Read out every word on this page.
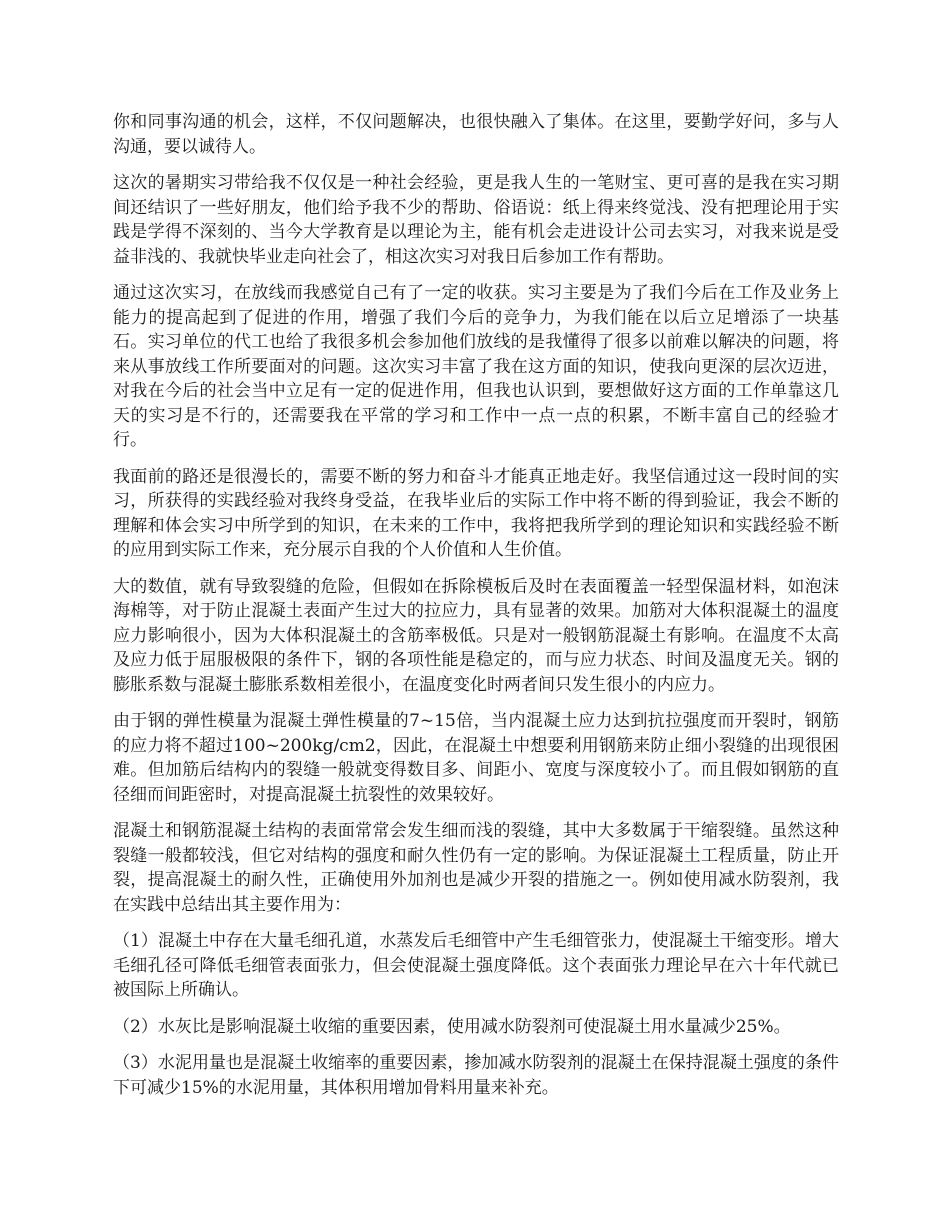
你和同事沟通的机会，这样，不仅问题解决，也很快融入了集体。在这里，要勤学好问，多与人沟通，要以诚待人。

这次的暑期实习带给我不仅仅是一种社会经验，更是我人生的一笔财宝、更可喜的是我在实习期间还结识了一些好朋友，他们给予我不少的帮助、俗语说：纸上得来终觉浅、没有把理论用于实践是学得不深刻的、当今大学教育是以理论为主，能有机会走进设计公司去实习，对我来说是受益非浅的、我就快毕业走向社会了，相这次实习对我日后参加工作有帮助。

通过这次实习，在放线而我感觉自己有了一定的收获。实习主要是为了我们今后在工作及业务上能力的提高起到了促进的作用，增强了我们今后的竞争力，为我们能在以后立足增添了一块基石。实习单位的代工也给了我很多机会参加他们放线的是我懂得了很多以前难以解决的问题，将来从事放线工作所要面对的问题。这次实习丰富了我在这方面的知识，使我向更深的层次迈进，对我在今后的社会当中立足有一定的促进作用，但我也认识到，要想做好这方面的工作单靠这几天的实习是不行的，还需要我在平常的学习和工作中一点一点的积累，不断丰富自己的经验才行。

我面前的路还是很漫长的，需要不断的努力和奋斗才能真正地走好。我坚信通过这一段时间的实习，所获得的实践经验对我终身受益，在我毕业后的实际工作中将不断的得到验证，我会不断的理解和体会实习中所学到的知识，在未来的工作中，我将把我所学到的理论知识和实践经验不断的应用到实际工作来，充分展示自我的个人价值和人生价值。

大的数值，就有导致裂缝的危险，但假如在拆除模板后及时在表面覆盖一轻型保温材料，如泡沫海棉等，对于防止混凝土表面产生过大的拉应力，具有显著的效果。加筋对大体积混凝土的温度应力影响很小，因为大体积混凝土的含筋率极低。只是对一般钢筋混凝土有影响。在温度不太高及应力低于屈服极限的条件下，钢的各项性能是稳定的，而与应力状态、时间及温度无关。钢的膨胀系数与混凝土膨胀系数相差很小，在温度变化时两者间只发生很小的内应力。

由于钢的弹性模量为混凝土弹性模量的7~15倍，当内混凝土应力达到抗拉强度而开裂时，钢筋的应力将不超过100~200kg/cm2，因此，在混凝土中想要利用钢筋来防止细小裂缝的出现很困难。但加筋后结构内的裂缝一般就变得数目多、间距小、宽度与深度较小了。而且假如钢筋的直径细而间距密时，对提高混凝土抗裂性的效果较好。

混凝土和钢筋混凝土结构的表面常常会发生细而浅的裂缝，其中大多数属于干缩裂缝。虽然这种裂缝一般都较浅，但它对结构的强度和耐久性仍有一定的影响。为保证混凝土工程质量，防止开裂，提高混凝土的耐久性，正确使用外加剂也是减少开裂的措施之一。例如使用减水防裂剂，我在实践中总结出其主要作用为：

（1）混凝土中存在大量毛细孔道，水蒸发后毛细管中产生毛细管张力，使混凝土干缩变形。增大毛细孔径可降低毛细管表面张力，但会使混凝土强度降低。这个表面张力理论早在六十年代就已被国际上所确认。

（2）水灰比是影响混凝土收缩的重要因素，使用减水防裂剂可使混凝土用水量减少25%。

（3）水泥用量也是混凝土收缩率的重要因素，掺加减水防裂剂的混凝土在保持混凝土强度的条件下可减少15%的水泥用量，其体积用增加骨料用量来补充。
